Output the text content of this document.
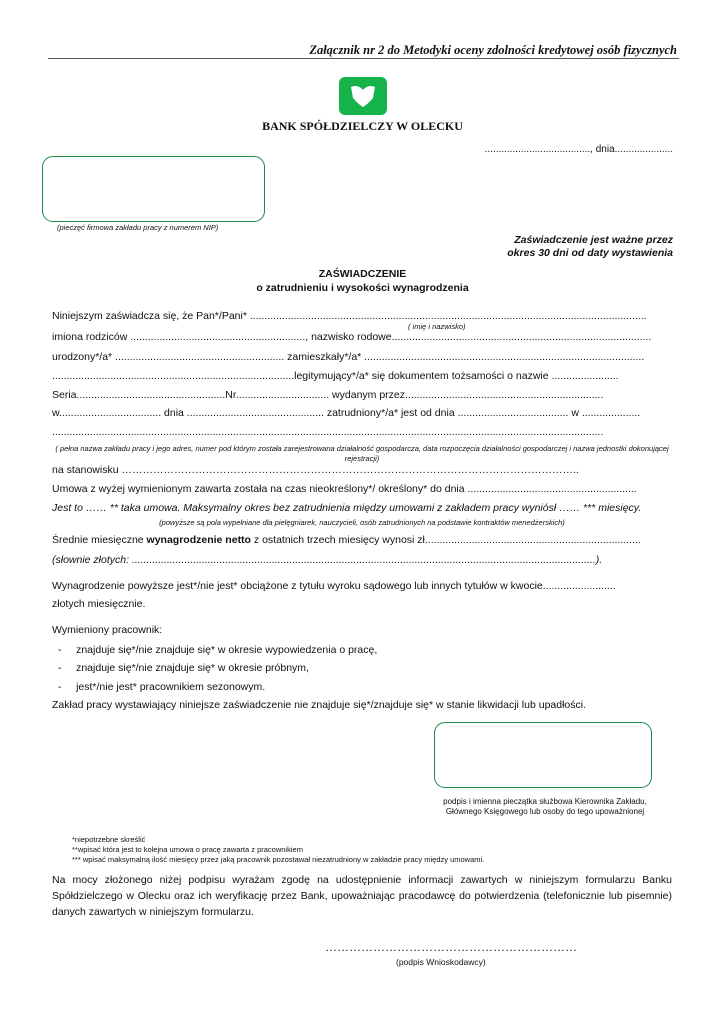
Załącznik nr 2 do Metodyki oceny zdolności kredytowej osób fizycznych
BANK SPÓŁDZIELCZY W OLECKU
......................................, dnia.....................
(pieczęć firmowa zakładu pracy z numerem NIP)
Zaświadczenie jest ważne przez
okres 30 dni od daty wystawienia
ZAŚWIADCZENIE
o zatrudnieniu i wysokości wynagrodzenia
Niniejszym zaświadcza się, że Pan*/Pani* ........................................................................................................................................
( imię i nazwisko)
imiona rodziców ............................................................, nazwisko rodowe.........................................................................................
urodzony*/a* .......................................................... zamieszkały*/a* ................................................................................................
...................................................................................legitymujący*/a* się dokumentem tożsamości o nazwie .......................
Seria...................................................Nr................................ wydanym przez....................................................................
w................................... dnia ............................................... zatrudniony*/a* jest od dnia ...................................... w ....................
.............................................................................................................................................................................................
( pełna nazwa zakładu pracy i jego adres, numer pod którym została zarejestrowana działalność gospodarcza, data rozpoczęcia działalności gospodarczej i nazwa jednostki dokonującej rejestracji)
na stanowisku …………………………………………………………………………………………………………………..
Umowa z wyżej wymienionym zawarta została na czas nieokreślony*/ określony* do dnia ..........................................................
Jest to …… ** taka umowa. Maksymalny okres bez zatrudnienia między umowami z zakładem pracy wyniósł …… *** miesięcy.
(powyższe są pola wypełniane dla pielęgniarek, nauczycieli, osób zatrudnionych na podstawie kontraktów menedżerskich)
Średnie miesięczne wynagrodzenie netto z ostatnich trzech miesięcy wynosi zł..........................................................................
(słownie złotych: ...............................................................................................................................................................).
Wynagrodzenie powyższe jest*/nie jest* obciążone z tytułu wyroku sądowego lub innych tytułów w kwocie.........................
złotych miesięcznie.
Wymieniony pracownik:
-     znajduje się*/nie znajduje się* w okresie wypowiedzenia o pracę,
-     znajduje się*/nie znajduje się* w okresie próbnym,
-     jest*/nie jest* pracownikiem sezonowym.
Zakład pracy wystawiający niniejsze zaświadczenie nie znajduje się*/znajduje się* w stanie likwidacji lub upadłości.
podpis i imienna pieczątka służbowa Kierownika Zakładu, Głównego Księgowego lub osoby do tego upoważnionej
*niepotrzebne skreślić
**wpisać która jest to kolejna umowa o pracę zawarta z pracownikiem
*** wpisać maksymalną ilość miesięcy przez jaką pracownik pozostawał niezatrudniony w zakładzie pracy między umowami.
Na mocy złożonego niżej podpisu wyrażam zgodę na udostępnienie informacji zawartych w niniejszym formularzu Banku Spółdzielczego w Olecku oraz ich weryfikację przez Bank, upoważniając pracodawcę do potwierdzenia (telefonicznie lub pisemnie) danych zawartych w niniejszym formularzu.
………………………………………………………
(podpis Wnioskodawcy)
